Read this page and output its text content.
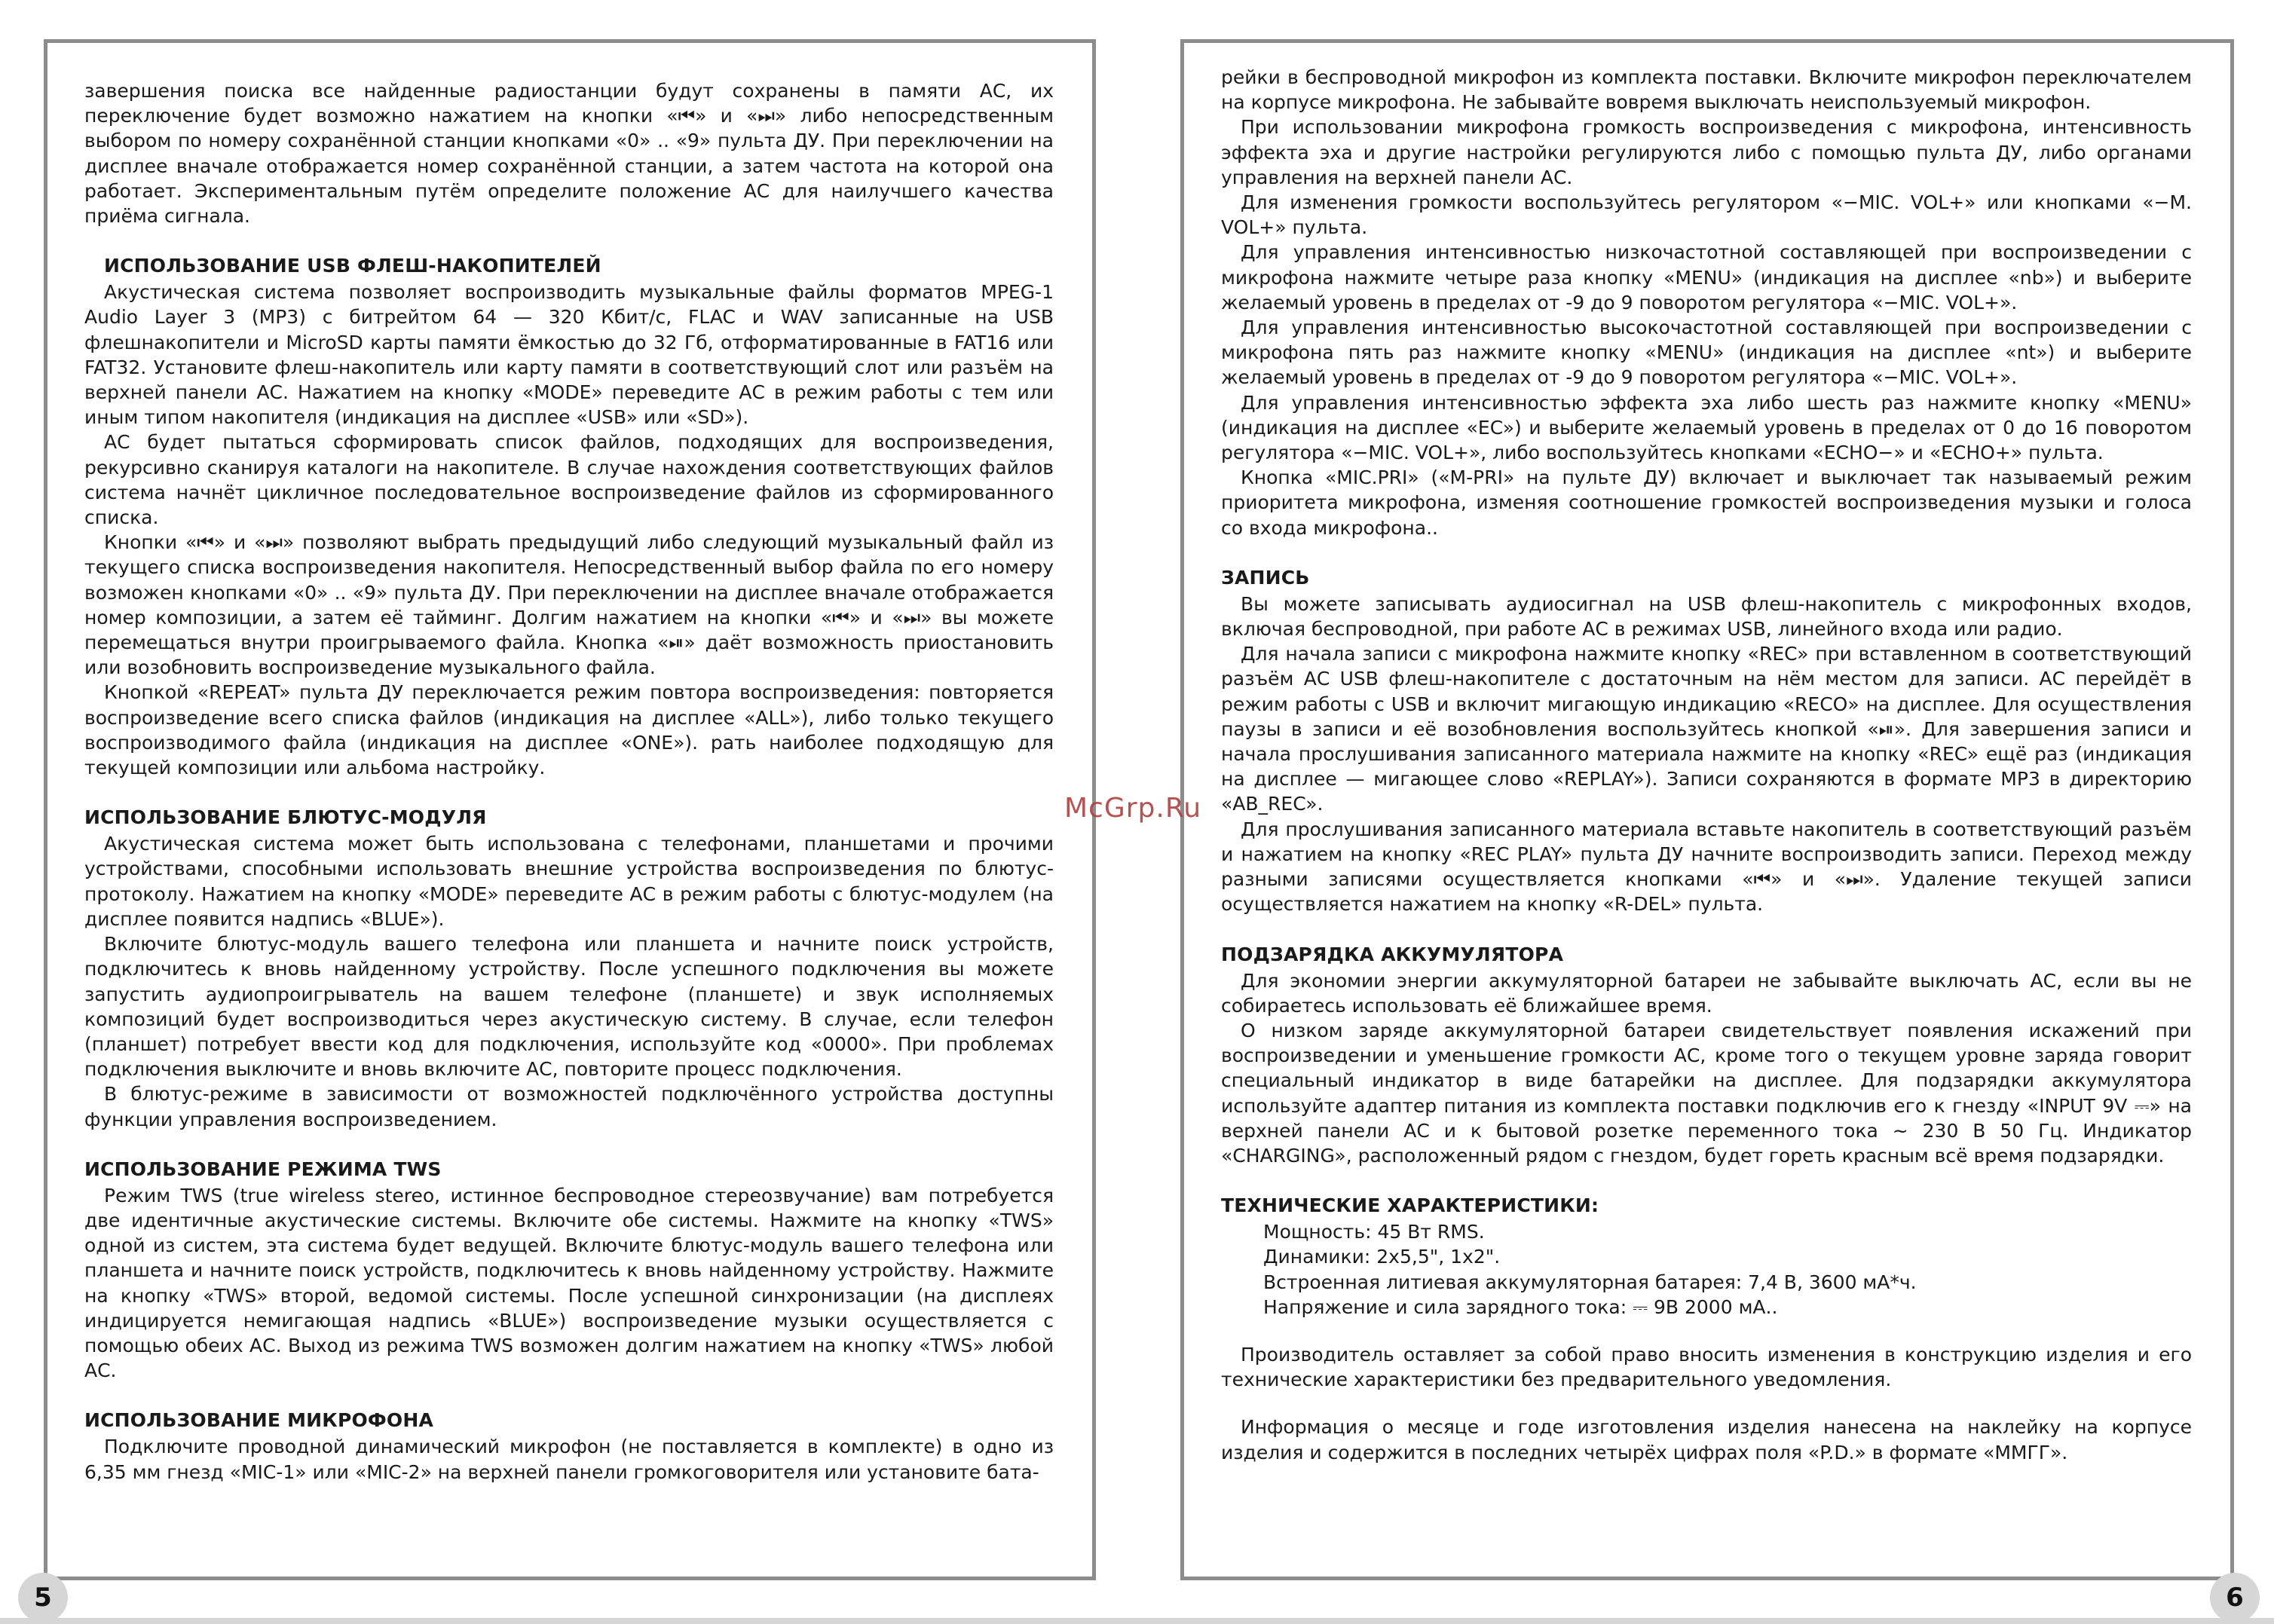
завершения поиска все найденные радиостанции будут сохранены в памяти АС, их переключение будет возможно нажатием на кнопки «⏮» и «⏭» либо непосредственным выбором по номеру сохранённой станции кнопками «0» .. «9» пульта ДУ. При переключении на дисплее вначале отображается номер сохранённой станции, а затем частота на которой она работает. Экспериментальным путём определите положение АС для наилучшего качества приёма сигнала.

ИСПОЛЬЗОВАНИЕ USB ФЛЕШ-НАКОПИТЕЛЕЙ

Акустическая система позволяет воспроизводить музыкальные файлы форматов MPEG-1 Audio Layer 3 (MP3) с битрейтом 64 — 320 Кбит/с, FLAC и WAV записанные на USB флешнакопители и MicroSD карты памяти ёмкостью до 32 Гб, отформатированные в FAT16 или FAT32. Установите флеш-накопитель или карту памяти в соответствующий слот или разъём на верхней панели АС. Нажатием на кнопку «MODE» переведите АС в режим работы с тем или иным типом накопителя (индикация на дисплее «USB» или «SD»).

АС будет пытаться сформировать список файлов, подходящих для воспроизведения, рекурсивно сканируя каталоги на накопителе. В случае нахождения соответствующих файлов система начнёт цикличное последовательное воспроизведение файлов из сформированного списка.

Кнопки «⏮» и «⏭» позволяют выбрать предыдущий либо следующий музыкальный файл из текущего списка воспроизведения накопителя. Непосредственный выбор файла по его номеру возможен кнопками «0» .. «9» пульта ДУ. При переключении на дисплее вначале отображается номер композиции, а затем её тайминг. Долгим нажатием на кнопки «⏮» и «⏭» вы можете перемещаться внутри проигрываемого файла. Кнопка «⏯» даёт возможность приостановить или возобновить воспроизведение музыкального файла.

Кнопкой «REPEAT» пульта ДУ переключается режим повтора воспроизведения: повторяется воспроизведение всего списка файлов (индикация на дисплее «ALL»), либо только текущего воспроизводимого файла (индикация на дисплее «ONE»). рать наиболее подходящую для текущей композиции или альбома настройку.

ИСПОЛЬЗОВАНИЕ БЛЮТУС-МОДУЛЯ

Акустическая система может быть использована с телефонами, планшетами и прочими устройствами, способными использовать внешние устройства воспроизведения по блютус-протоколу. Нажатием на кнопку «MODE» переведите АС в режим работы с блютус-модулем (на дисплее появится надпись «BLUE»).

Включите блютус-модуль вашего телефона или планшета и начните поиск устройств, подключитесь к вновь найденному устройству. После успешного подключения вы можете запустить аудиопроигрыватель на вашем телефоне (планшете) и звук исполняемых композиций будет воспроизводиться через акустическую систему. В случае, если телефон (планшет) потребует ввести код для подключения, используйте код «0000». При проблемах подключения выключите и вновь включите АС, повторите процесс подключения.

В блютус-режиме в зависимости от возможностей подключённого устройства доступны функции управления воспроизведением.

ИСПОЛЬЗОВАНИЕ РЕЖИМА TWS

Режим TWS (true wireless stereo, истинное беспроводное стереозвучание) вам потребуется две идентичные акустические системы. Включите обе системы. Нажмите на кнопку «TWS» одной из систем, эта система будет ведущей. Включите блютус-модуль вашего телефона или планшета и начните поиск устройств, подключитесь к вновь найденному устройству. Нажмите на кнопку «TWS» второй, ведомой системы. После успешной синхронизации (на дисплеях индицируется немигающая надпись «BLUE») воспроизведение музыки осуществляется с помощью обеих АС. Выход из режима TWS возможен долгим нажатием на кнопку «TWS» любой АС.

ИСПОЛЬЗОВАНИЕ МИКРОФОНА

Подключите проводной динамический микрофон (не поставляется в комплекте) в одно из 6,35 мм гнезд «MIC-1» или «MIC-2» на верхней панели громкоговорителя или установите бата-

рейки в беспроводной микрофон из комплекта поставки. Включите микрофон переключателем на корпусе микрофона. Не забывайте вовремя выключать неиспользуемый микрофон.

При использовании микрофона громкость воспроизведения с микрофона, интенсивность эффекта эха и другие настройки регулируются либо с помощью пульта ДУ, либо органами управления на верхней панели АС.

Для изменения громкости воспользуйтесь регулятором «−MIC. VOL+» или кнопками «−M. VOL+» пульта.

Для управления интенсивностью низкочастотной составляющей при воспроизведении с микрофона нажмите четыре раза кнопку «MENU» (индикация на дисплее «nb») и выберите желаемый уровень в пределах от -9 до 9 поворотом регулятора «−MIC. VOL+».

Для управления интенсивностью высокочастотной составляющей при воспроизведении с микрофона пять раз нажмите кнопку «MENU» (индикация на дисплее «nt») и выберите желаемый уровень в пределах от -9 до 9 поворотом регулятора «−MIC. VOL+».

Для управления интенсивностью эффекта эха либо шесть раз нажмите кнопку «MENU» (индикация на дисплее «EC») и выберите желаемый уровень в пределах от 0 до 16 поворотом регулятора «−MIC. VOL+», либо воспользуйтесь кнопками «ECHO−» и «ECHO+» пульта.

Кнопка «MIC.PRI» («M-PRI» на пульте ДУ) включает и выключает так называемый режим приоритета микрофона, изменяя соотношение громкостей воспроизведения музыки и голоса со входа микрофона..

ЗАПИСЬ

Вы можете записывать аудиосигнал на USB флеш-накопитель с микрофонных входов, включая беспроводной, при работе АС в режимах USB, линейного входа или радио.

Для начала записи с микрофона нажмите кнопку «REC» при вставленном в соответствующий разъём АС USB флеш-накопителе с достаточным на нём местом для записи. АС перейдёт в режим работы с USB и включит мигающую индикацию «RECO» на дисплее. Для осуществления паузы в записи и её возобновления воспользуйтесь кнопкой «⏯». Для завершения записи и начала прослушивания записанного материала нажмите на кнопку «REC» ещё раз (индикация на дисплее — мигающее слово «REPLAY»). Записи сохраняются в формате MP3 в директорию «AB_REC».

Для прослушивания записанного материала вставьте накопитель в соответствующий разъём и нажатием на кнопку «REC PLAY» пульта ДУ начните воспроизводить записи. Переход между разными записями осуществляется кнопками «⏮» и «⏭». Удаление текущей записи осуществляется нажатием на кнопку «R-DEL» пульта.

ПОДЗАРЯДКА АККУМУЛЯТОРА

Для экономии энергии аккумуляторной батареи не забывайте выключать АС, если вы не собираетесь использовать её ближайшее время.

О низком заряде аккумуляторной батареи свидетельствует появления искажений при воспроизведении и уменьшение громкости АС, кроме того о текущем уровне заряда говорит специальный индикатор в виде батарейки на дисплее. Для подзарядки аккумулятора используйте адаптер питания из комплекта поставки подключив его к гнезду «INPUT 9V ⎓» на верхней панели АС и к бытовой розетке переменного тока ~ 230 В 50 Гц. Индикатор «CHARGING», расположенный рядом с гнездом, будет гореть красным всё время подзарядки.

ТЕХНИЧЕСКИЕ ХАРАКТЕРИСТИКИ:
Мощность: 45 Вт RMS.
Динамики: 2х5,5", 1х2".
Встроенная литиевая аккумуляторная батарея: 7,4 В, 3600 мА*ч.
Напряжение и сила зарядного тока: ⎓ 9В 2000 мА..

Производитель оставляет за собой право вносить изменения в конструкцию изделия и его технические характеристики без предварительного уведомления.

Информация о месяце и годе изготовления изделия нанесена на наклейку на корпусе изделия и содержится в последних четырёх цифрах поля «P.D.» в формате «ММГГ».

McGrp.Ru
5	6
